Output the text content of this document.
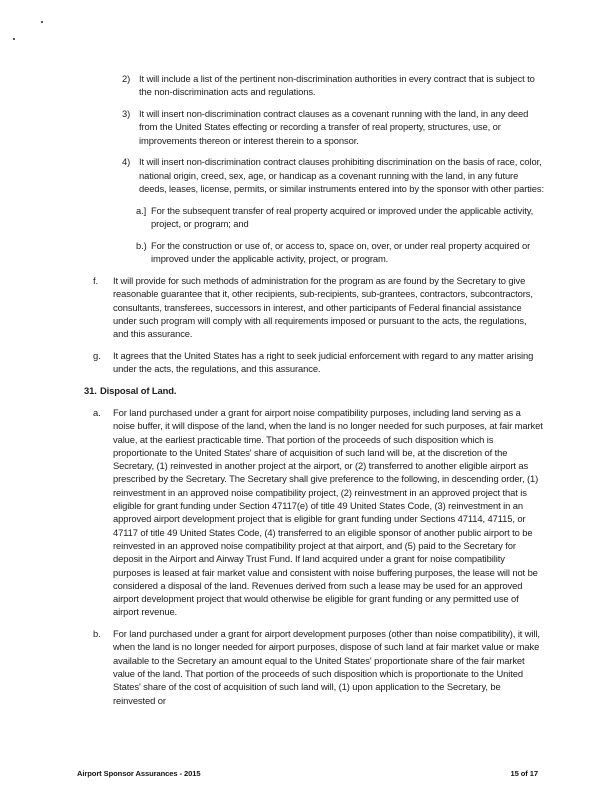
2) It will include a list of the pertinent non-discrimination authorities in every contract that is subject to the non-discrimination acts and regulations.
3) It will insert non-discrimination contract clauses as a covenant running with the land, in any deed from the United States effecting or recording a transfer of real property, structures, use, or improvements thereon or interest therein to a sponsor.
4) It will insert non-discrimination contract clauses prohibiting discrimination on the basis of race, color, national origin, creed, sex, age, or handicap as a covenant running with the land, in any future deeds, leases, license, permits, or similar instruments entered into by the sponsor with other parties:
a.] For the subsequent transfer of real property acquired or improved under the applicable activity, project, or program; and
b.) For the construction or use of, or access to, space on, over, or under real property acquired or improved under the applicable activity, project, or program.
f.	It will provide for such methods of administration for the program as are found by the Secretary to give reasonable guarantee that it, other recipients, sub-recipients, sub-grantees, contractors, subcontractors, consultants, transferees, successors in interest, and other participants of Federal financial assistance under such program will comply with all requirements imposed or pursuant to the acts, the regulations, and this assurance.
g.	It agrees that the United States has a right to seek judicial enforcement with regard to any matter arising under the acts, the regulations, and this assurance.
31. Disposal of Land.
a.	For land purchased under a grant for airport noise compatibility purposes, including land serving as a noise buffer, it will dispose of the land, when the land is no longer needed for such purposes, at fair market value, at the earliest practicable time. That portion of the proceeds of such disposition which is proportionate to the United States' share of acquisition of such land will be, at the discretion of the Secretary, (1) reinvested in another project at the airport, or (2) transferred to another eligible airport as prescribed by the Secretary. The Secretary shall give preference to the following, in descending order, (1) reinvestment in an approved noise compatibility project, (2) reinvestment in an approved project that is eligible for grant funding under Section 47117(e) of title 49 United States Code, (3) reinvestment in an approved airport development project that is eligible for grant funding under Sections 47114, 47115, or 47117 of title 49 United States Code, (4) transferred to an eligible sponsor of another public airport to be reinvested in an approved noise compatibility project at that airport, and (5) paid to the Secretary for deposit in the Airport and Airway Trust Fund. If land acquired under a grant for noise compatibility purposes is leased at fair market value and consistent with noise buffering purposes, the lease will not be considered a disposal of the land. Revenues derived from such a lease may be used for an approved airport development project that would otherwise be eligible for grant funding or any permitted use of airport revenue.
b.	For land purchased under a grant for airport development purposes (other than noise compatibility), it will, when the land is no longer needed for airport purposes, dispose of such land at fair market value or make available to the Secretary an amount equal to the United States' proportionate share of the fair market value of the land. That portion of the proceeds of such disposition which is proportionate to the United States' share of the cost of acquisition of such land will, (1) upon application to the Secretary, be reinvested or
Airport Sponsor Assurances - 2015	15 of 17
